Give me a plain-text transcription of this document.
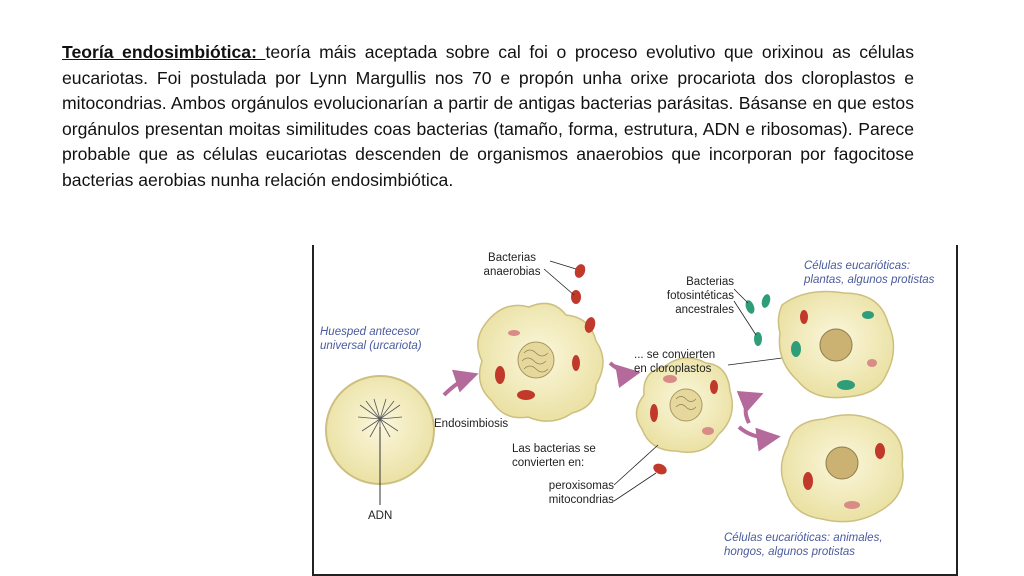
Teoría endosimbiótica: teoría máis aceptada sobre cal foi o proceso evolutivo que orixinou as células eucariotas. Foi postulada por Lynn Margullis nos 70 e propón unha orixe procariota dos cloroplastos e mitocondrias. Ambos orgánulos evolucionarían a partir de antigas bacterias parásitas. Básanse en que estos orgánulos presentan moitas similitudes coas bacterias (tamaño, forma, estrutura, ADN e ribosomas). Parece probable que as células eucariotas descenden de organismos anaerobios que incorporan por fagocitose bacterias aerobias nunha relación endosimbiótica.
Bacterias
anaerobias
Huesped antecesor
universal (urcariota)
ADN
Endosimbiosis
Las bacterias se
convierten en:
peroxisomas
mitocondrias
Bacterias
fotosintéticas
ancestrales
... se convierten
en cloroplastos
Células eucarióticas:
plantas, algunos protistas
Células eucarióticas: animales,
hongos, algunos protistas
